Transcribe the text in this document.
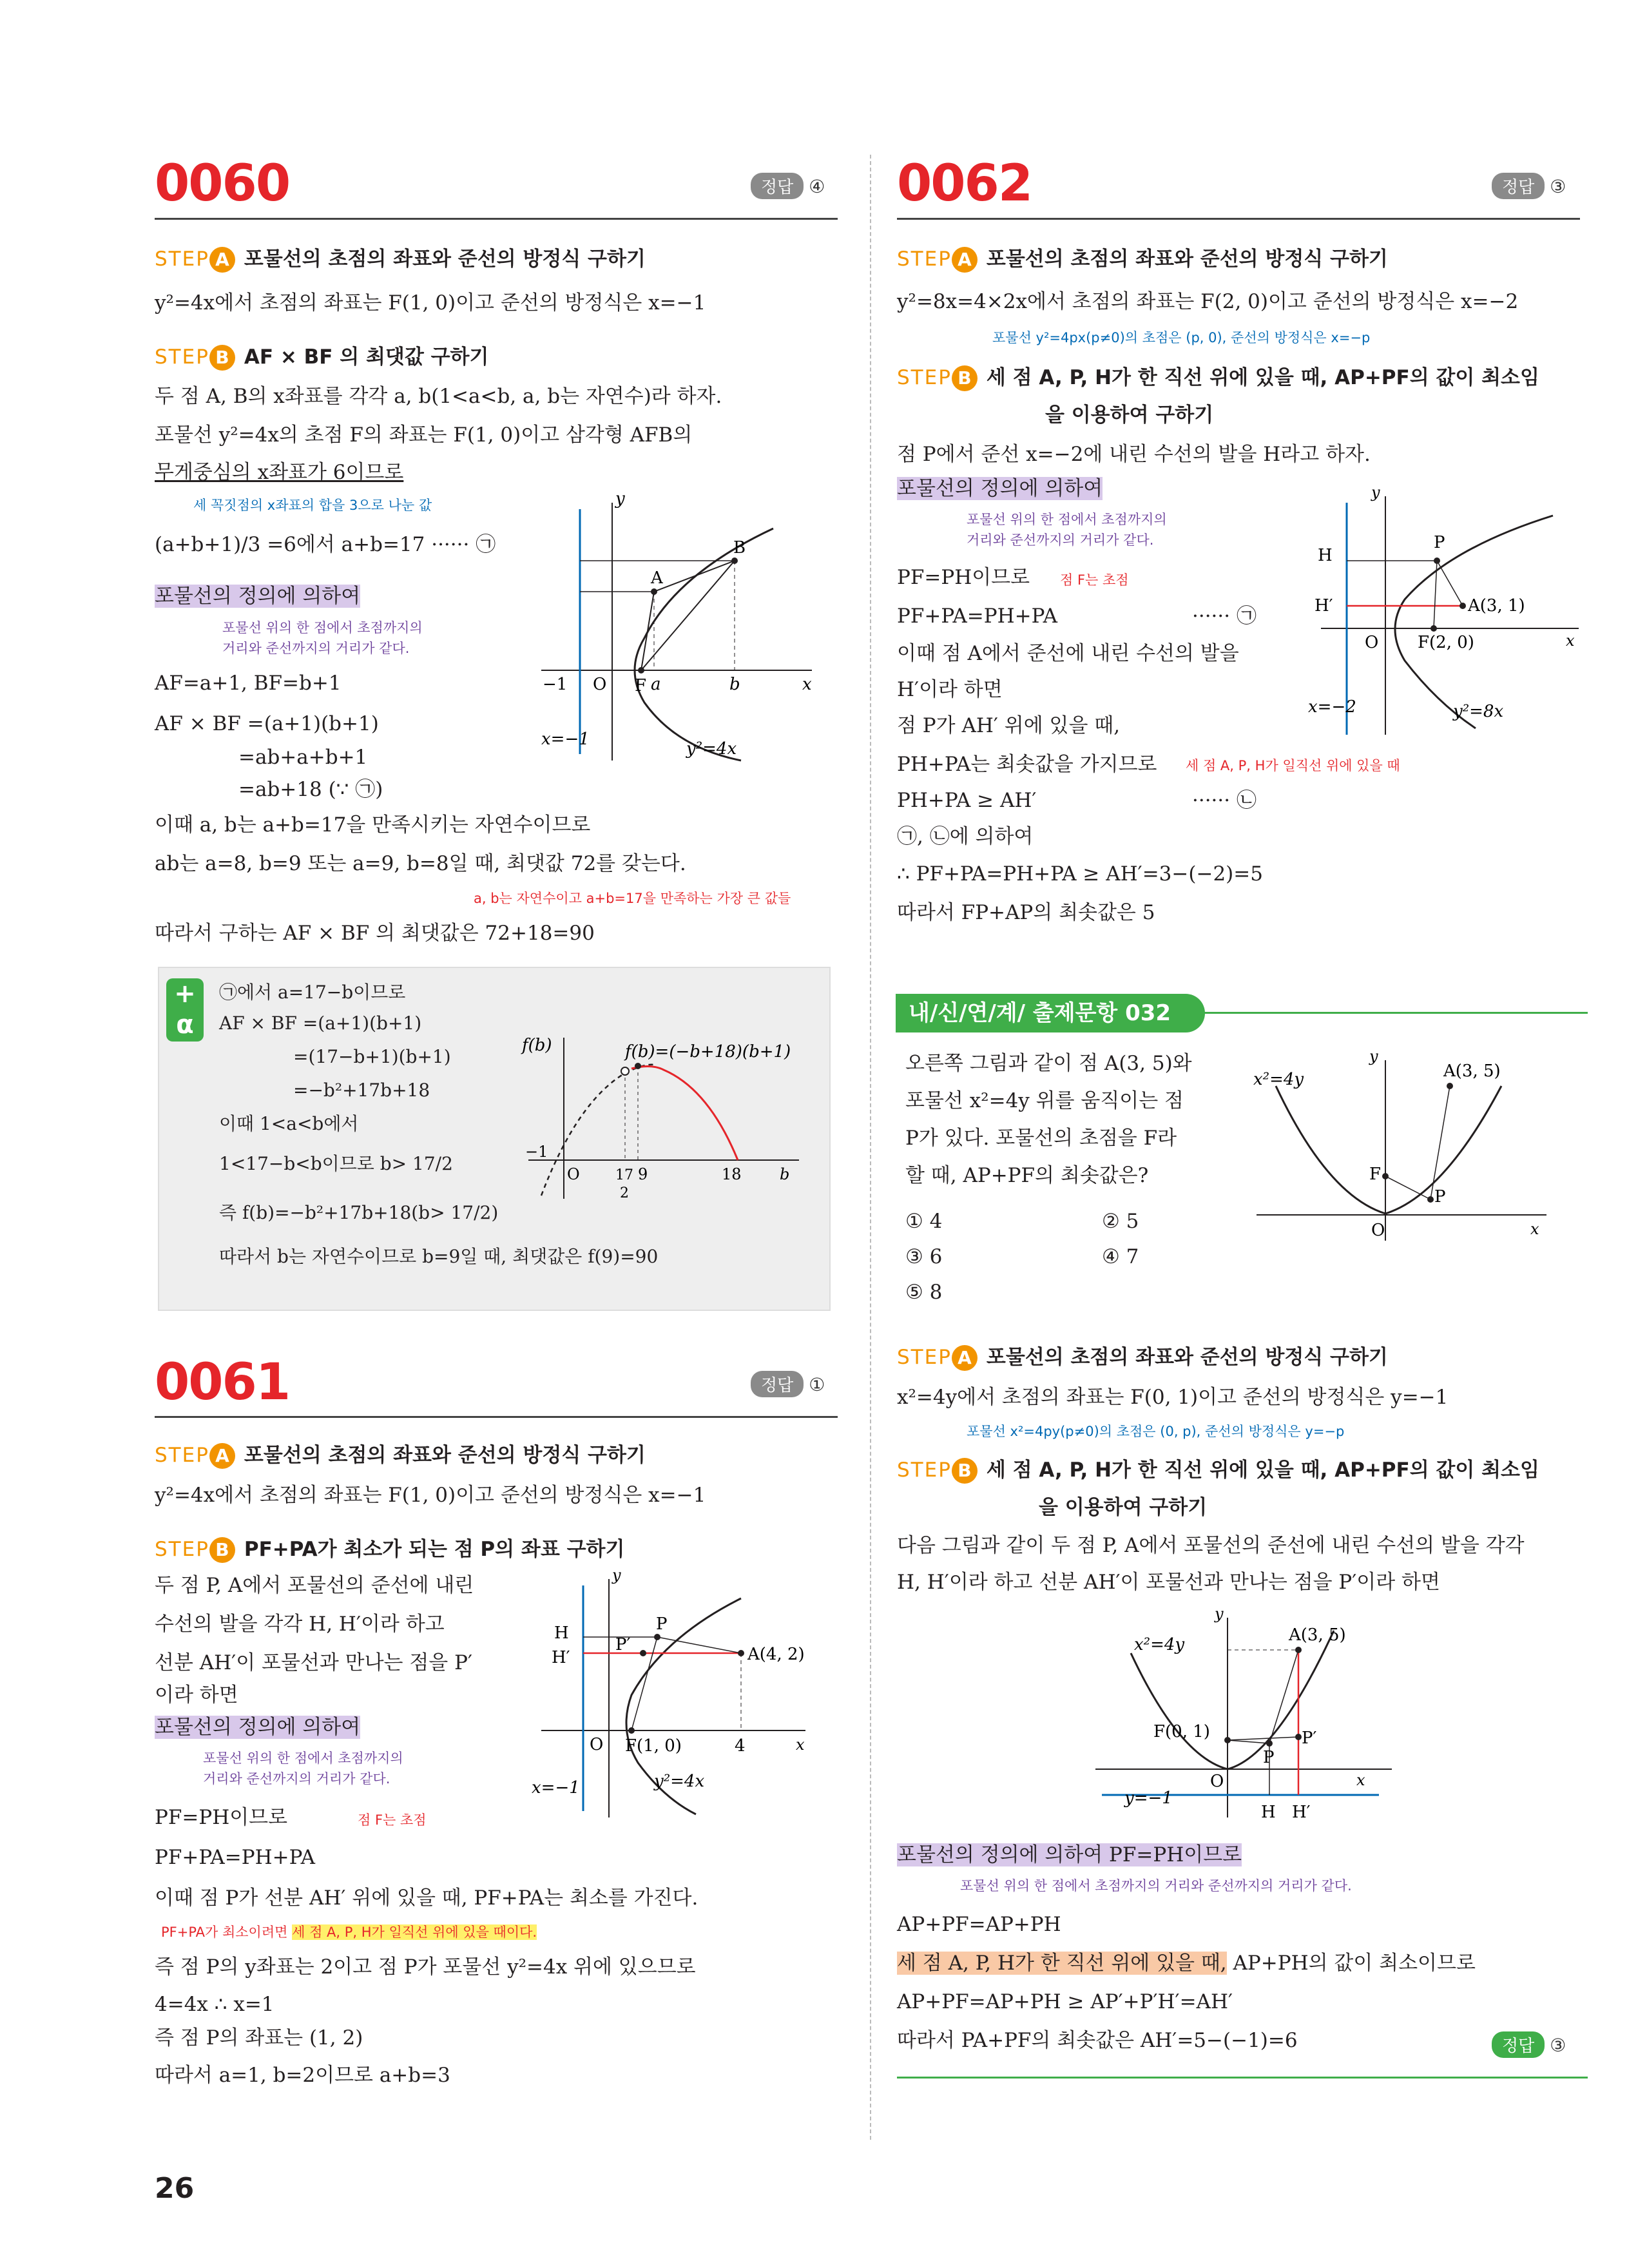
0060	정답 ④
STEP A 포물선의 초점의 좌표와 준선의 방정식 구하기
y²=4x에서 초점의 좌표는 F(1, 0)이고 준선의 방정식은 x=−1
STEP B AF × BF 의 최댓값 구하기
두 점 A, B의 x좌표를 각각 a, b(1<a<b, a, b는 자연수)라 하자.
포물선 y²=4x의 초점 F의 좌표는 F(1, 0)이고 삼각형 AFB의
무게중심의 x좌표가 6이므로
세 꼭짓점의 x좌표의 합을 3으로 나눈 값
(a+b+1)/3 =6에서 a+b=17 ······ ㉠
포물선의 정의에 의하여
포물선 위의 한 점에서 초점까지의
거리와 준선까지의 거리가 같다.
AF=a+1, BF=b+1
AF × BF =(a+1)(b+1)
=ab+a+b+1
=ab+18 (∵ ㉠)
이때 a, b는 a+b=17을 만족시키는 자연수이므로
ab는 a=8, b=9 또는 a=9, b=8일 때, 최댓값 72를 갖는다.
a, b는 자연수이고 a+b=17을 만족하는 가장 큰 값들
따라서 구하는 AF × BF 의 최댓값은 72+18=90
y
x
A
B
F
O
−1	a	b
x=−1	y²=4x
+
α
㉠에서 a=17−b이므로
AF × BF =(a+1)(b+1)
=(17−b+1)(b+1)
=−b²+17b+18
이때 1<a<b에서
1<17−b<b이므로 b> 17/2
즉 f(b)=−b²+17b+18(b> 17/2)
따라서 b는 자연수이므로 b=9일 때, 최댓값은 f(9)=90
f(b)	f(b)=(−b+18)(b+1)
−1
O	17
2
9	18 b
0061	정답 ①
STEP A 포물선의 초점의 좌표와 준선의 방정식 구하기
y²=4x에서 초점의 좌표는 F(1, 0)이고 준선의 방정식은 x=−1
STEP B PF+PA가 최소가 되는 점 P의 좌표 구하기
두 점 P, A에서 포물선의 준선에 내린
수선의 발을 각각 H, H′이라 하고
선분 AH′이 포물선과 만나는 점을 P′
이라 하면
포물선의 정의에 의하여
포물선 위의 한 점에서 초점까지의
거리와 준선까지의 거리가 같다.
PF=PH이므로	점 F는 초점
PF+PA=PH+PA
이때 점 P가 선분 AH′ 위에 있을 때, PF+PA는 최소를 가진다.
PF+PA가 최소이려면 세 점 A, P, H가 일직선 위에 있을 때이다.
즉 점 P의 y좌표는 2이고 점 P가 포물선 y²=4x 위에 있으므로
4=4x ∴ x=1
즉 점 P의 좌표는 (1, 2)
따라서 a=1, b=2이므로 a+b=3
y
x
H
H′
P
P′	A(4, 2)
O F(1, 0)	4
x=−1	y²=4x
0062	정답 ③
STEP A 포물선의 초점의 좌표와 준선의 방정식 구하기
y²=8x=4×2x에서 초점의 좌표는 F(2, 0)이고 준선의 방정식은 x=−2
포물선 y²=4px(p≠0)의 초점은 (p, 0), 준선의 방정식은 x=−p
STEP B 세 점 A, P, H가 한 직선 위에 있을 때, AP+PF의 값이 최소임
을 이용하여 구하기
점 P에서 준선 x=−2에 내린 수선의 발을 H라고 하자.
포물선의 정의에 의하여
포물선 위의 한 점에서 초점까지의
거리와 준선까지의 거리가 같다.
PF=PH이므로 점 F는 초점
PF+PA=PH+PA	······ ㉠
이때 점 A에서 준선에 내린 수선의 발을
H′이라 하면
점 P가 AH′ 위에 있을 때,
PH+PA는 최솟값을 가지므로 세 점 A, P, H가 일직선 위에 있을 때
PH+PA ≥ AH′	······ ㉡
㉠, ㉡에 의하여
∴ PF+PA=PH+PA ≥ AH′=3−(−2)=5
따라서 FP+AP의 최솟값은 5
y
x
H
H′
P
A(3, 1)
O F(2, 0)
x=−2	y²=8x
내/신/연/계/ 출제문항 032
오른쪽 그림과 같이 점 A(3, 5)와
포물선 x²=4y 위를 움직이는 점
P가 있다. 포물선의 초점을 F라
할 때, AP+PF의 최솟값은?
① 4	② 5
③ 6	④ 7
⑤ 8
y
x
x²=4y	A(3, 5)
F
P
O
STEP A 포물선의 초점의 좌표와 준선의 방정식 구하기
x²=4y에서 초점의 좌표는 F(0, 1)이고 준선의 방정식은 y=−1
포물선 x²=4py(p≠0)의 초점은 (0, p), 준선의 방정식은 y=−p
STEP B 세 점 A, P, H가 한 직선 위에 있을 때, AP+PF의 값이 최소임
을 이용하여 구하기
다음 그림과 같이 두 점 P, A에서 포물선의 준선에 내린 수선의 발을 각각
H, H′이라 하고 선분 AH′이 포물선과 만나는 점을 P′이라 하면
y
x
x²=4y	A(3, 5)
F(0, 1)
P
P′
O
y=−1
H H′
포물선의 정의에 의하여 PF=PH이므로
포물선 위의 한 점에서 초점까지의 거리와 준선까지의 거리가 같다.
AP+PF=AP+PH
세 점 A, P, H가 한 직선 위에 있을 때, AP+PH의 값이 최소이므로
AP+PF=AP+PH ≥ AP′+P′H′=AH′
따라서 PA+PF의 최솟값은 AH′=5−(−1)=6	정답 ③
26
